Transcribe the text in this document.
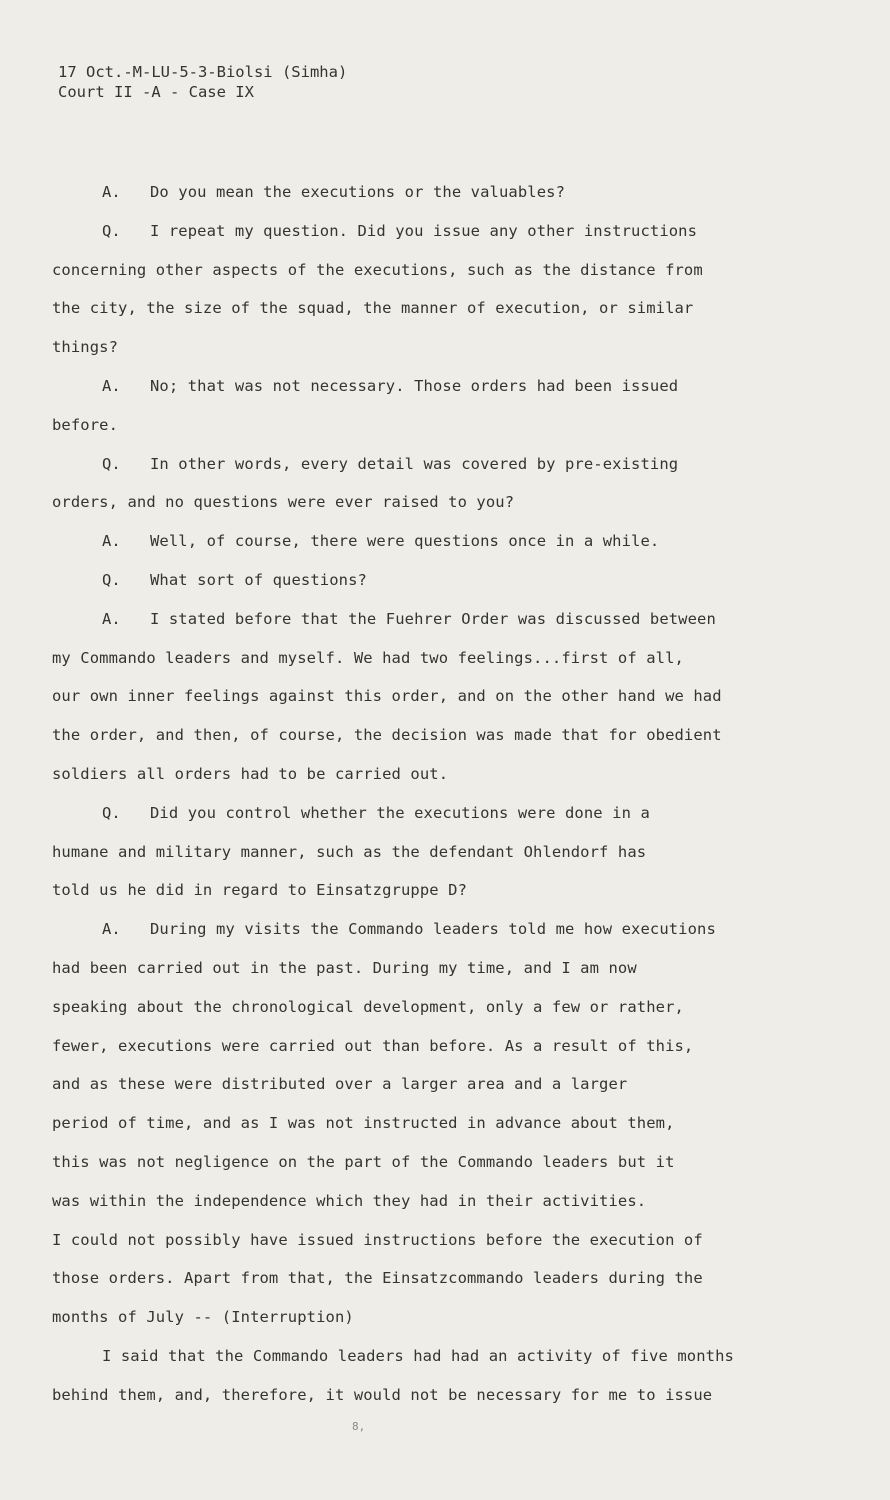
17 Oct.-M-LU-5-3-Biolsi (Simha)
Court II -A - Case IX
A. Do you mean the executions or the valuables?
Q. I repeat my question. Did you issue any other instructions
concerning other aspects of the executions, such as the distance from
the city, the size of the squad, the manner of execution, or similar
things?
A. No; that was not necessary. Those orders had been issued
before.
Q. In other words, every detail was covered by pre-existing
orders, and no questions were ever raised to you?
A. Well, of course, there were questions once in a while.
Q. What sort of questions?
A. I stated before that the Fuehrer Order was discussed between
my Commando leaders and myself. We had two feelings...first of all,
our own inner feelings against this order, and on the other hand we had
the order, and then, of course, the decision was made that for obedient
soldiers all orders had to be carried out.
Q. Did you control whether the executions were done in a
humane and military manner, such as the defendant Ohlendorf has
told us he did in regard to Einsatzgruppe D?
A. During my visits the Commando leaders told me how executions
had been carried out in the past. During my time, and I am now
speaking about the chronological development, only a few or rather,
fewer, executions were carried out than before. As a result of this,
and as these were distributed over a larger area and a larger
period of time, and as I was not instructed in advance about them,
this was not negligence on the part of the Commando leaders but it
was within the independence which they had in their activities.
I could not possibly have issued instructions before the execution of
those orders. Apart from that, the Einsatzcommando leaders during the
months of July -- (Interruption)
I said that the Commando leaders had had an activity of five months
behind them, and, therefore, it would not be necessary for me to issue
8,
